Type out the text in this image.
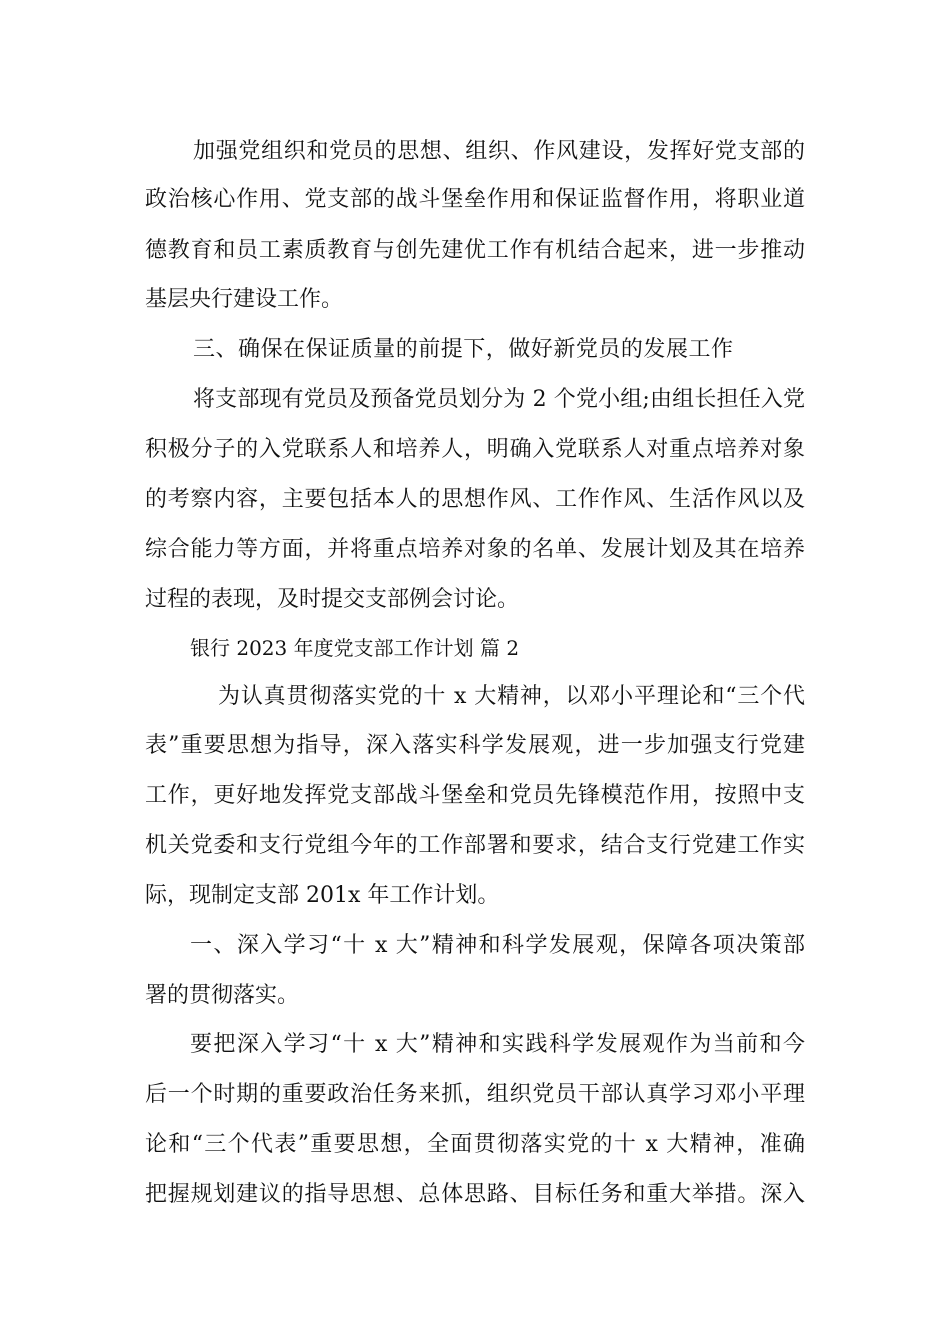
加强党组织和党员的思想、组织、作风建设，发挥好党支部的
政治核心作用、党支部的战斗堡垒作用和保证监督作用，将职业道
德教育和员工素质教育与创先建优工作有机结合起来，进一步推动
基层央行建设工作。
三、确保在保证质量的前提下，做好新党员的发展工作
将支部现有党员及预备党员划分为 2 个党小组;由组长担任入党
积极分子的入党联系人和培养人，明确入党联系人对重点培养对象
的考察内容，主要包括本人的思想作风、工作作风、生活作风以及
综合能力等方面，并将重点培养对象的名单、发展计划及其在培养
过程的表现，及时提交支部例会讨论。
银行 2023 年度党支部工作计划 篇 2
为认真贯彻落实党的十 x 大精神，以邓小平理论和“三个代
表”重要思想为指导，深入落实科学发展观，进一步加强支行党建
工作，更好地发挥党支部战斗堡垒和党员先锋模范作用，按照中支
机关党委和支行党组今年的工作部署和要求，结合支行党建工作实
际，现制定支部 201x 年工作计划。
一、深入学习“十 x 大”精神和科学发展观，保障各项决策部
署的贯彻落实。
要把深入学习“十 x 大”精神和实践科学发展观作为当前和今
后一个时期的重要政治任务来抓，组织党员干部认真学习邓小平理
论和“三个代表”重要思想，全面贯彻落实党的十 x 大精神，准确
把握规划建议的指导思想、总体思路、目标任务和重大举措。深入
